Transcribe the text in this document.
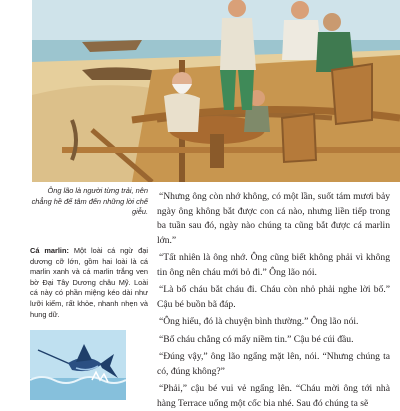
Ông lão là người từng trải, nên chẳng hề để tâm đến những lời chế giễu.
Cá marlin: Một loài cá ngừ đại dương cỡ lớn, gồm hai loài là cá marlin xanh và cá marlin trắng ven bờ Đại Tây Dương châu Mỹ. Loài cá này có phần miệng kéo dài như lưỡi kiếm, rất khỏe, nhanh nhẹn và hung dữ.

“Nhưng ông còn nhớ không, có một lần, suốt tám mươi bảy ngày ông không bắt được con cá nào, nhưng liền tiếp trong ba tuần sau đó, ngày nào chúng ta cũng bắt được cá marlin lớn.”

“Tất nhiên là ông nhớ. Ông cũng biết không phải vì không tin ông nên cháu mới bỏ đi.” Ông lão nói.

“Là bố cháu bắt cháu đi. Cháu còn nhỏ phải nghe lời bố.” Cậu bé buồn bã đáp.

“Ông hiểu, đó là chuyện bình thường.” Ông lão nói.

“Bố cháu chẳng có mấy niềm tin.” Cậu bé cúi đầu.

“Đúng vậy,” ông lão ngẩng mặt lên, nói. “Nhưng chúng ta có, đúng không?”

“Phải,” cậu bé vui vẻ ngẩng lên. “Cháu mời ông tới nhà hàng Terrace uống một cốc bia nhé. Sau đó chúng ta sẽ
